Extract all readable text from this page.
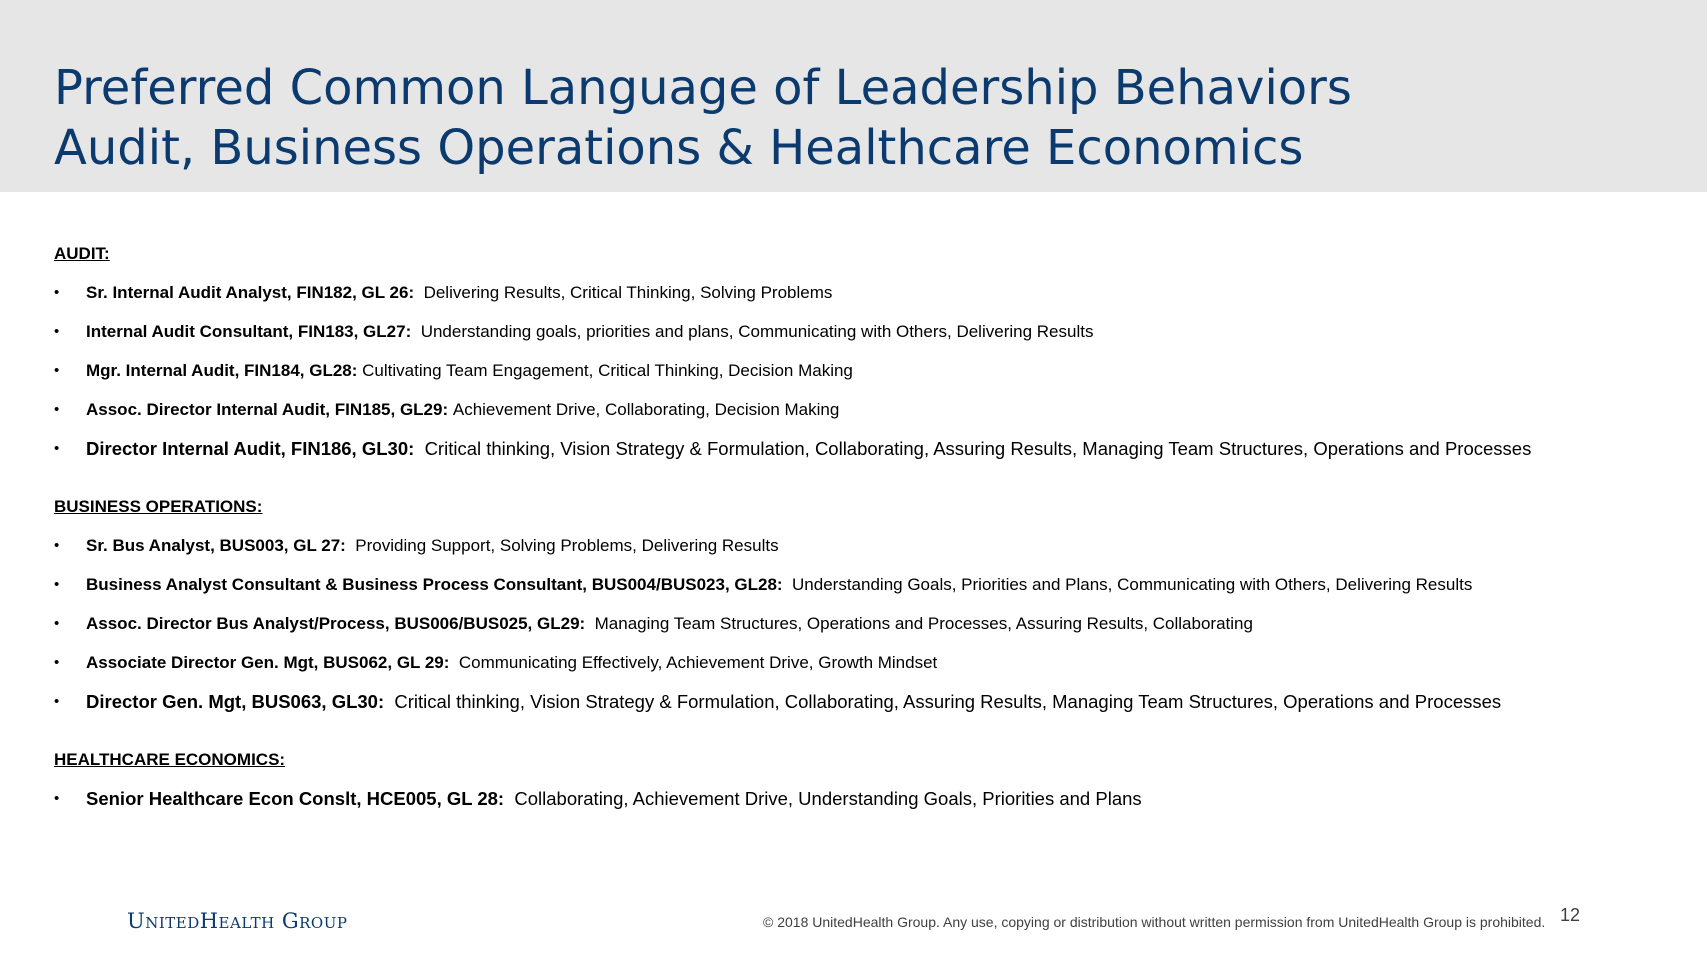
Preferred Common Language of Leadership Behaviors
Audit, Business Operations & Healthcare Economics
AUDIT:
• Sr. Internal Audit Analyst, FIN182, GL 26: Delivering Results, Critical Thinking, Solving Problems
• Internal Audit Consultant, FIN183, GL27: Understanding goals, priorities and plans, Communicating with Others, Delivering Results
• Mgr. Internal Audit, FIN184, GL28: Cultivating Team Engagement, Critical Thinking, Decision Making
• Assoc. Director Internal Audit, FIN185, GL29: Achievement Drive, Collaborating, Decision Making
• Director Internal Audit, FIN186, GL30: Critical thinking, Vision Strategy & Formulation, Collaborating, Assuring Results, Managing Team Structures, Operations and Processes
BUSINESS OPERATIONS:
• Sr. Bus Analyst, BUS003, GL 27: Providing Support, Solving Problems, Delivering Results
• Business Analyst Consultant & Business Process Consultant, BUS004/BUS023, GL28: Understanding Goals, Priorities and Plans, Communicating with Others, Delivering Results
• Assoc. Director Bus Analyst/Process, BUS006/BUS025, GL29: Managing Team Structures, Operations and Processes, Assuring Results, Collaborating
• Associate Director Gen. Mgt, BUS062, GL 29: Communicating Effectively, Achievement Drive, Growth Mindset
• Director Gen. Mgt, BUS063, GL30: Critical thinking, Vision Strategy & Formulation, Collaborating, Assuring Results, Managing Team Structures, Operations and Processes
HEALTHCARE ECONOMICS:
• Senior Healthcare Econ Conslt, HCE005, GL 28: Collaborating, Achievement Drive, Understanding Goals, Priorities and Plans
UnitedHealth Group	© 2018 UnitedHealth Group. Any use, copying or distribution without written permission from UnitedHealth Group is prohibited. 12
